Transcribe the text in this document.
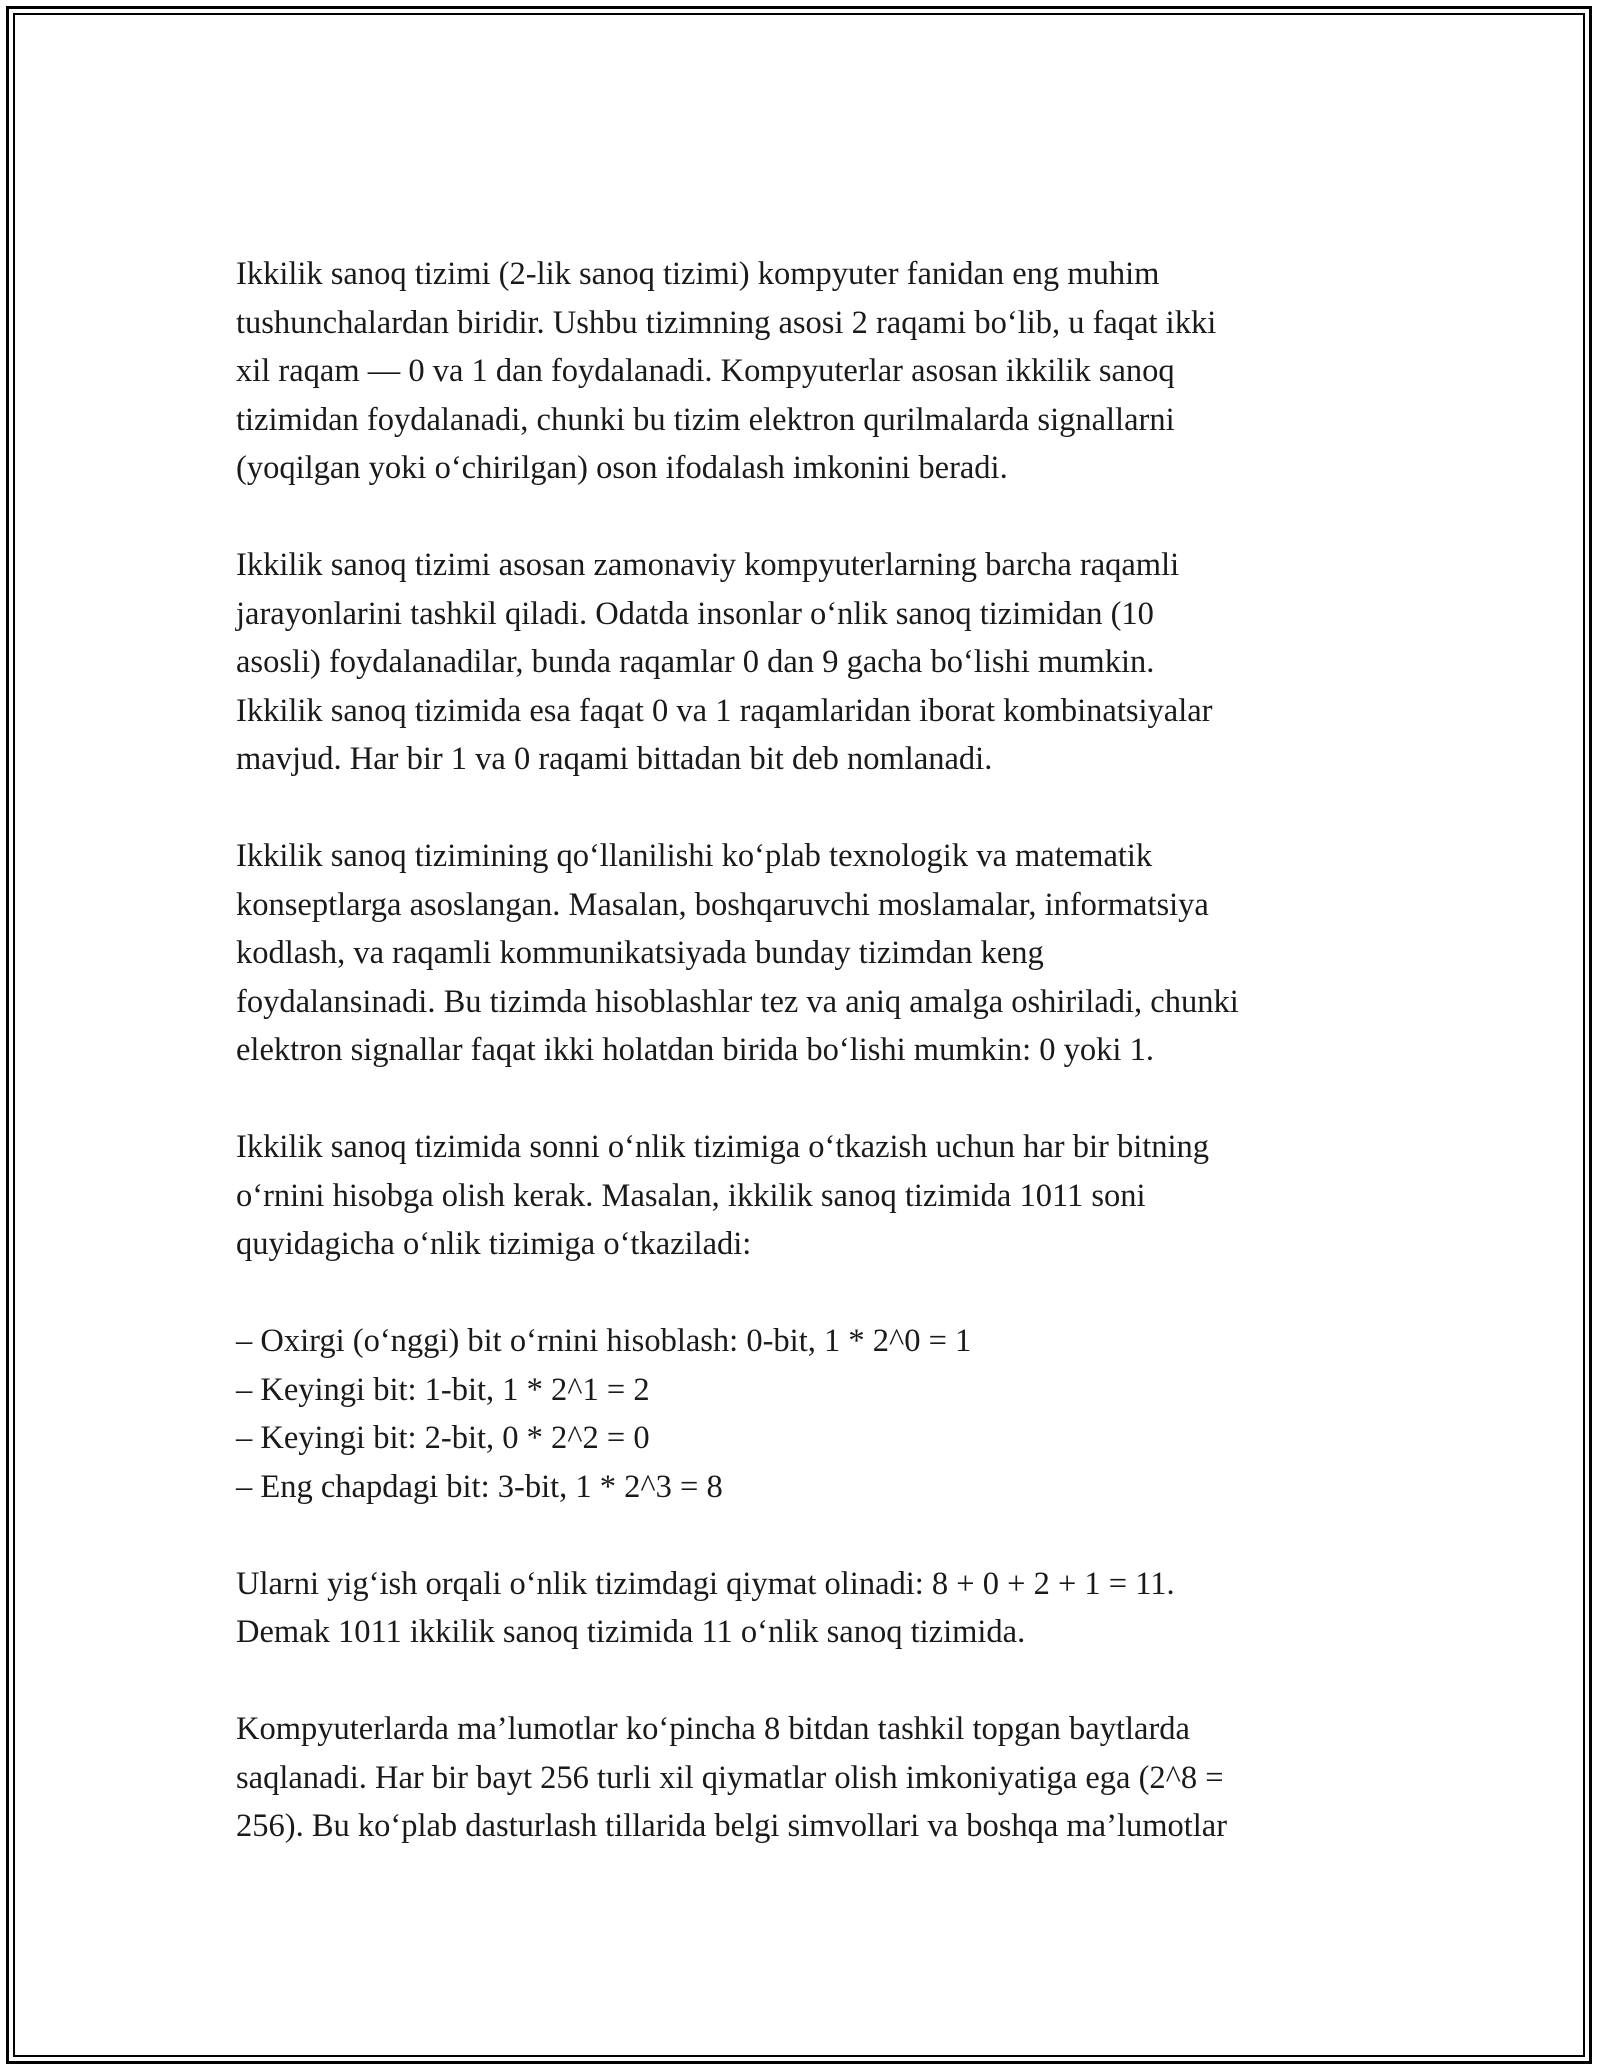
Ikkilik sanoq tizimi (2-lik sanoq tizimi) kompyuter fanidan eng muhim
tushunchalardan biridir. Ushbu tizimning asosi 2 raqami bo‘lib, u faqat ikki
xil raqam — 0 va 1 dan foydalanadi. Kompyuterlar asosan ikkilik sanoq
tizimidan foydalanadi, chunki bu tizim elektron qurilmalarda signallarni
(yoqilgan yoki o‘chirilgan) oson ifodalash imkonini beradi.

Ikkilik sanoq tizimi asosan zamonaviy kompyuterlarning barcha raqamli
jarayonlarini tashkil qiladi. Odatda insonlar o‘nlik sanoq tizimidan (10
asosli) foydalanadilar, bunda raqamlar 0 dan 9 gacha bo‘lishi mumkin.
Ikkilik sanoq tizimida esa faqat 0 va 1 raqamlaridan iborat kombinatsiyalar
mavjud. Har bir 1 va 0 raqami bittadan bit deb nomlanadi.

Ikkilik sanoq tizimining qo‘llanilishi ko‘plab texnologik va matematik
konseptlarga asoslangan. Masalan, boshqaruvchi moslamalar, informatsiya
kodlash, va raqamli kommunikatsiyada bunday tizimdan keng
foydalansinadi. Bu tizimda hisoblashlar tez va aniq amalga oshiriladi, chunki
elektron signallar faqat ikki holatdan birida bo‘lishi mumkin: 0 yoki 1.

Ikkilik sanoq tizimida sonni o‘nlik tizimiga o‘tkazish uchun har bir bitning
o‘rnini hisobga olish kerak. Masalan, ikkilik sanoq tizimida 1011 soni
quyidagicha o‘nlik tizimiga o‘tkaziladi:

– Oxirgi (o‘nggi) bit o‘rnini hisoblash: 0-bit, 1 * 2^0 = 1
– Keyingi bit: 1-bit, 1 * 2^1 = 2
– Keyingi bit: 2-bit, 0 * 2^2 = 0
– Eng chapdagi bit: 3-bit, 1 * 2^3 = 8

Ularni yig‘ish orqali o‘nlik tizimdagi qiymat olinadi: 8 + 0 + 2 + 1 = 11.
Demak 1011 ikkilik sanoq tizimida 11 o‘nlik sanoq tizimida.

Kompyuterlarda ma’lumotlar ko‘pincha 8 bitdan tashkil topgan baytlarda
saqlanadi. Har bir bayt 256 turli xil qiymatlar olish imkoniyatiga ega (2^8 =
256). Bu ko‘plab dasturlash tillarida belgi simvollari va boshqa ma’lumotlar
